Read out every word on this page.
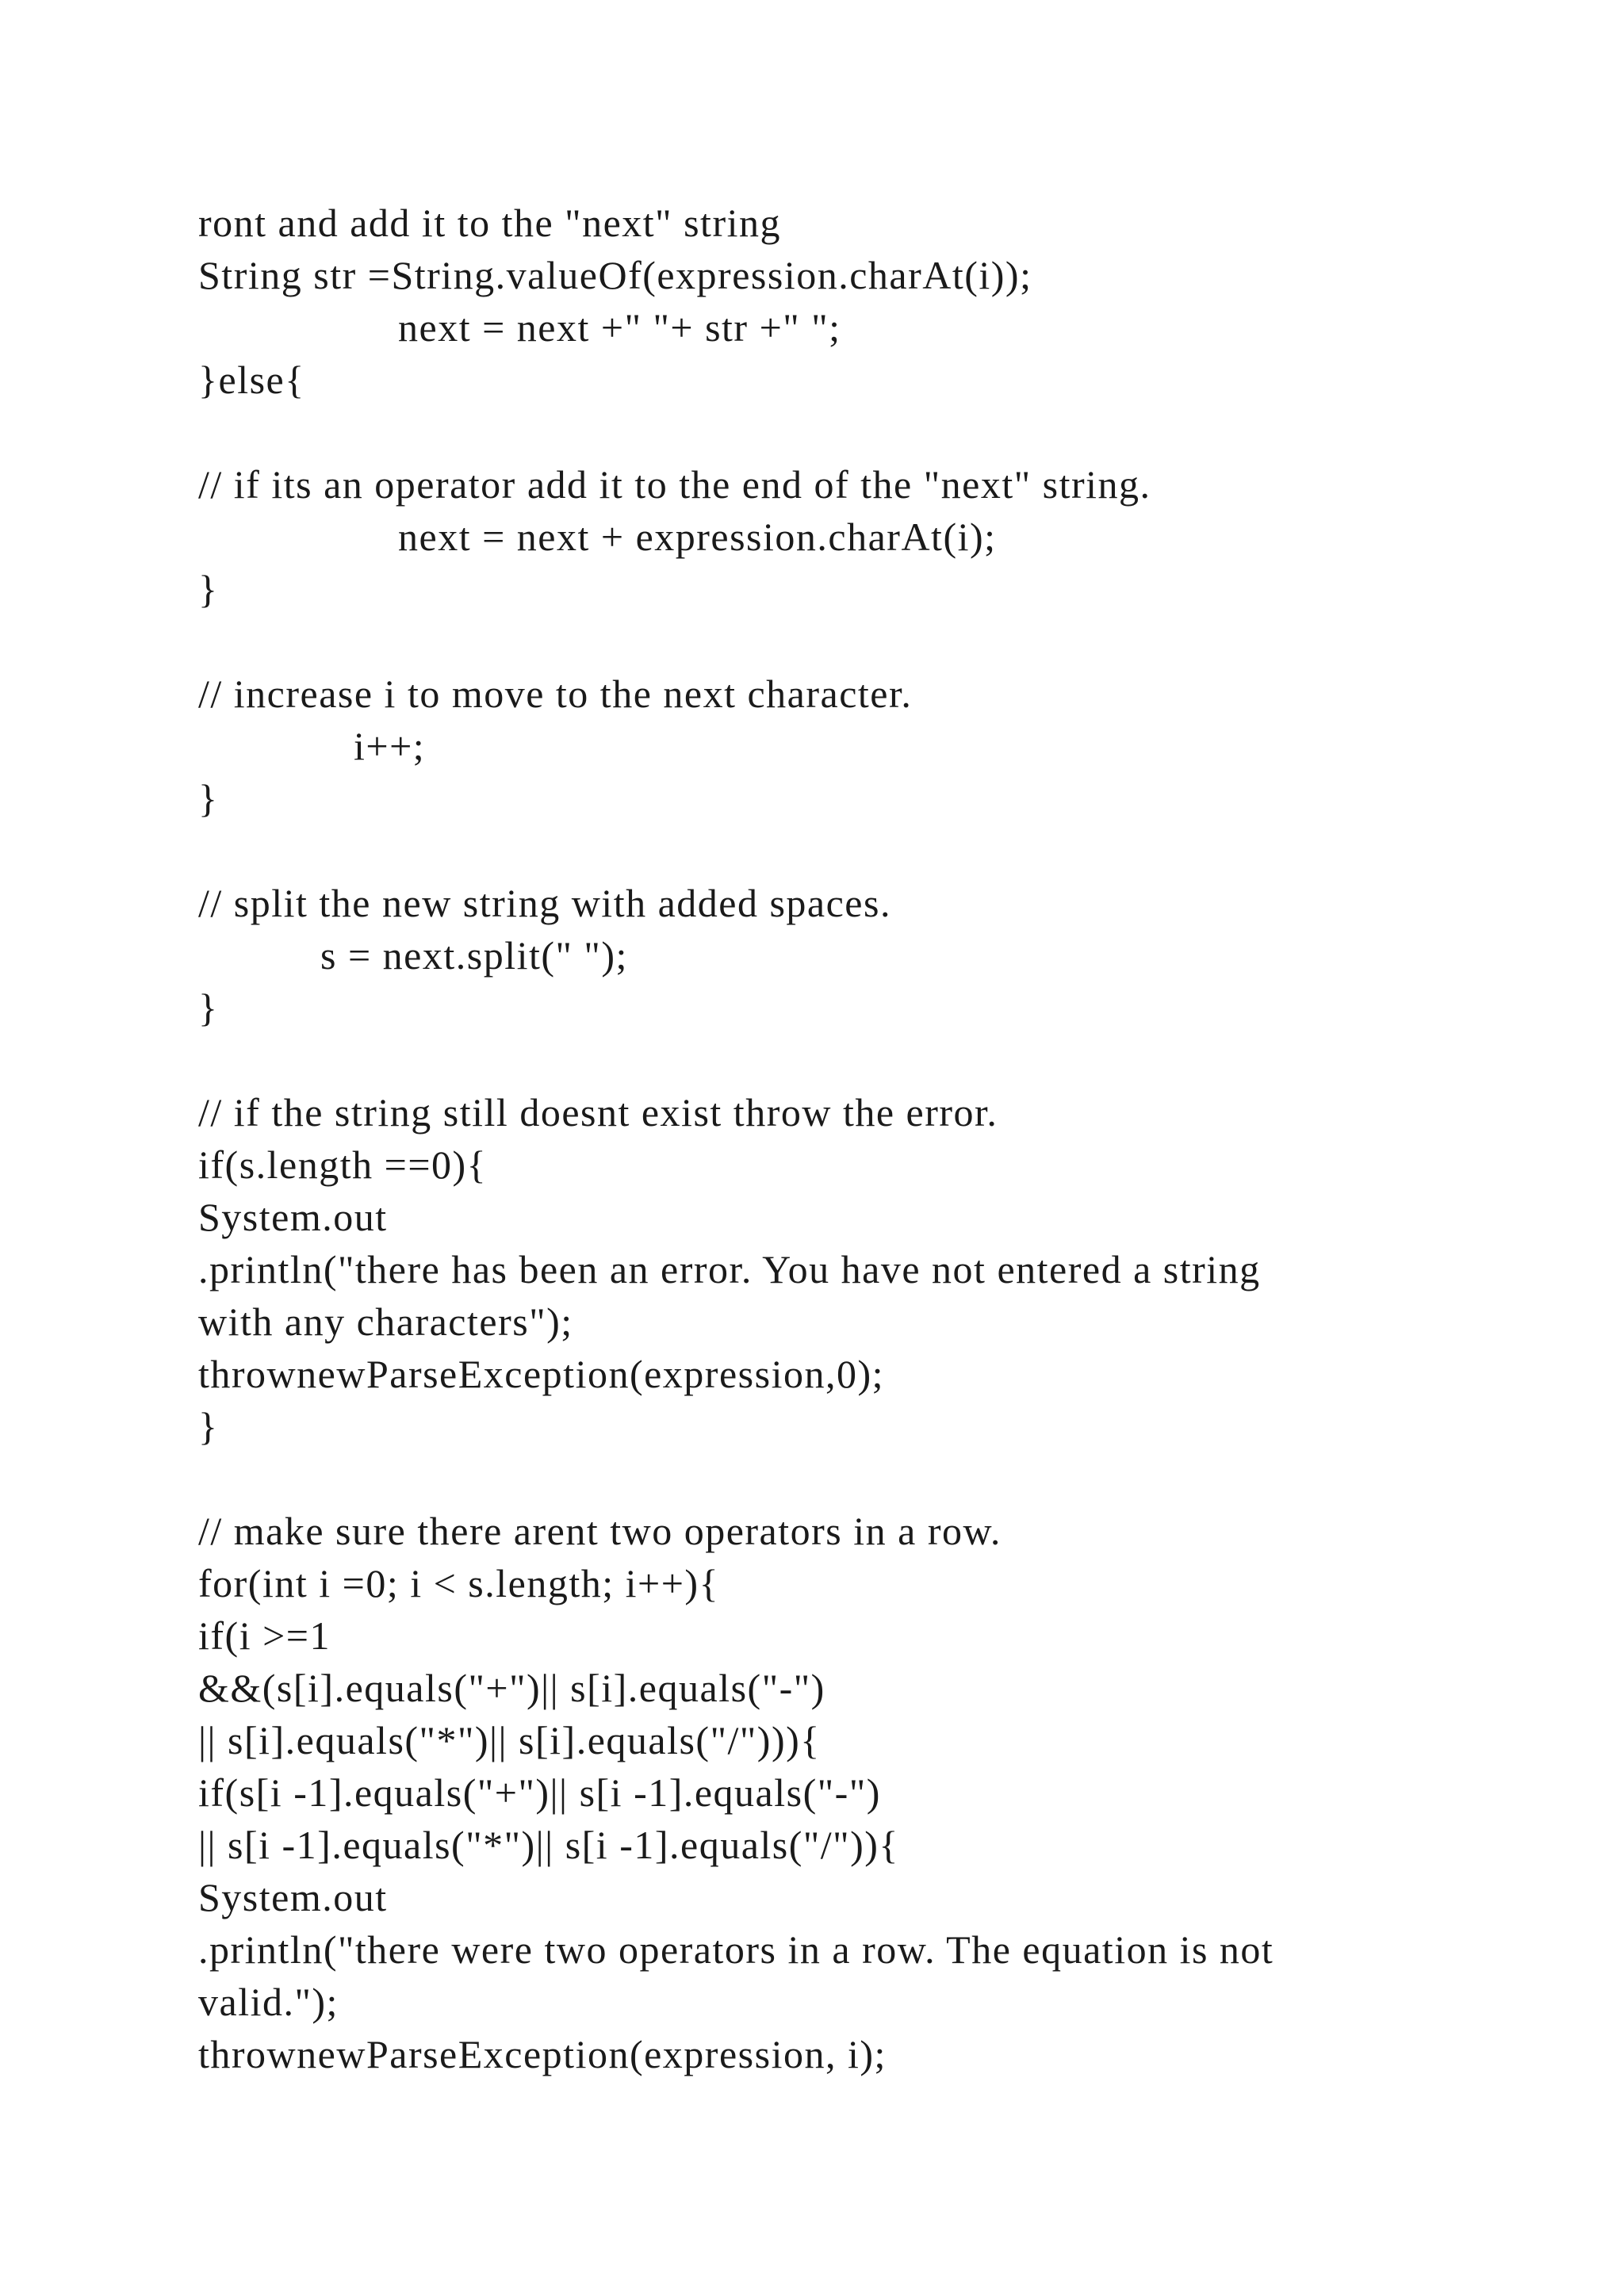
ront and add it to the "next" string
String str =String.valueOf(expression.charAt(i));
next = next +" "+ str +" ";
}else{
// if its an operator add it to the end of the "next" string.
next = next + expression.charAt(i);
}
// increase i to move to the next character.
i++;
}
// split the new string with added spaces.
s = next.split(" ");
}
// if the string still doesnt exist throw the error.
if(s.length ==0){
System.out
.println("there has been an error. You have not entered a string
with any characters");
thrownewParseException(expression,0);
}
// make sure there arent two operators in a row.
for(int i =0; i < s.length; i++){
if(i >=1
&&(s[i].equals("+")|| s[i].equals("-")
|| s[i].equals("*")|| s[i].equals("/"))){
if(s[i -1].equals("+")|| s[i -1].equals("-")
|| s[i -1].equals("*")|| s[i -1].equals("/")){
System.out
.println("there were two operators in a row. The equation is not
valid.");
thrownewParseException(expression, i);
